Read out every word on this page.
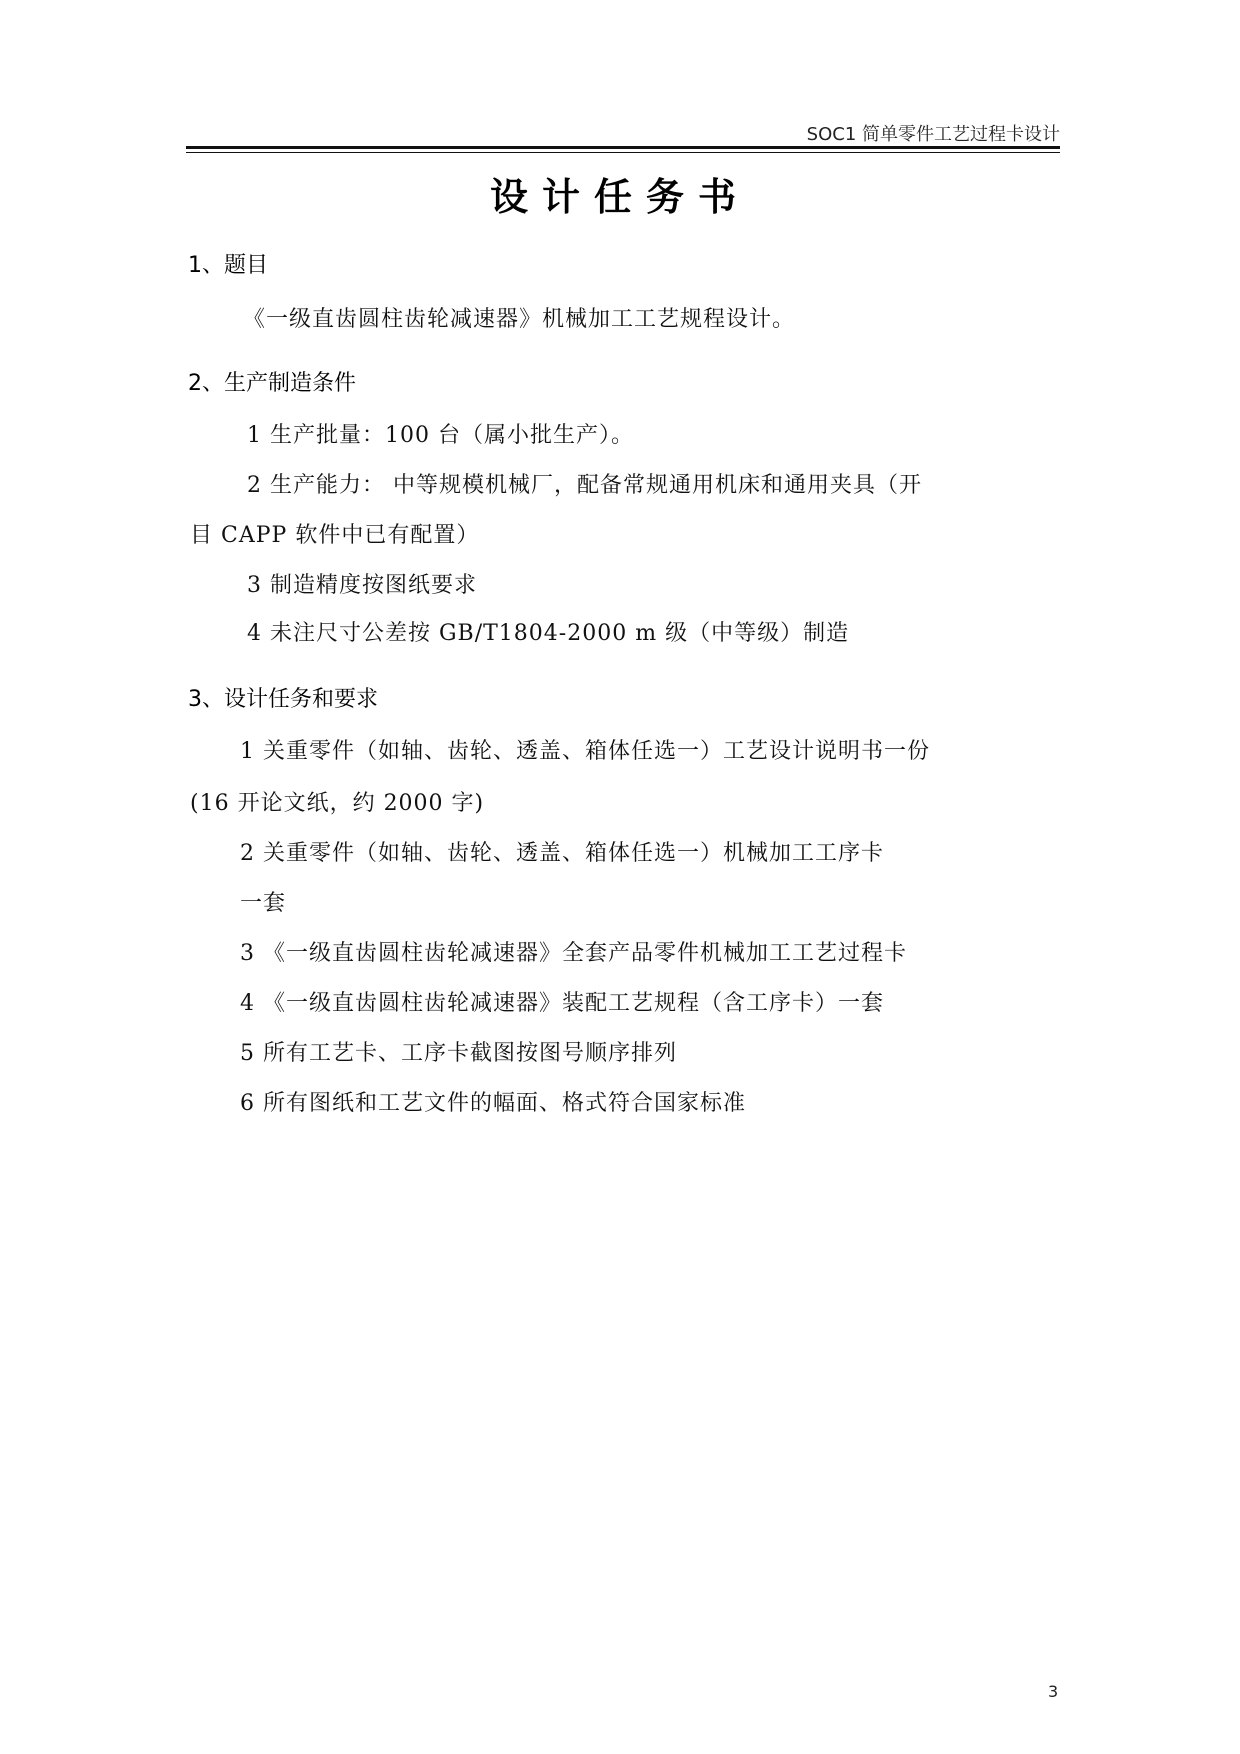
SOC1 简单零件工艺过程卡设计
设计任务书
1、题目
《一级直齿圆柱齿轮减速器》机械加工工艺规程设计。
2、生产制造条件
1 生产批量：100 台（属小批生产）。
2 生产能力： 中等规模机械厂，配备常规通用机床和通用夹具（开
目 CAPP 软件中已有配置）
3 制造精度按图纸要求
4 未注尺寸公差按 GB/T1804-2000 m 级（中等级）制造
3、设计任务和要求
1 关重零件（如轴、齿轮、透盖、箱体任选一）工艺设计说明书一份
(16 开论文纸，约 2000 字)
2 关重零件（如轴、齿轮、透盖、箱体任选一）机械加工工序卡
一套
3 《一级直齿圆柱齿轮减速器》全套产品零件机械加工工艺过程卡
4 《一级直齿圆柱齿轮减速器》装配工艺规程（含工序卡）一套
5 所有工艺卡、工序卡截图按图号顺序排列
6 所有图纸和工艺文件的幅面、格式符合国家标准
3
